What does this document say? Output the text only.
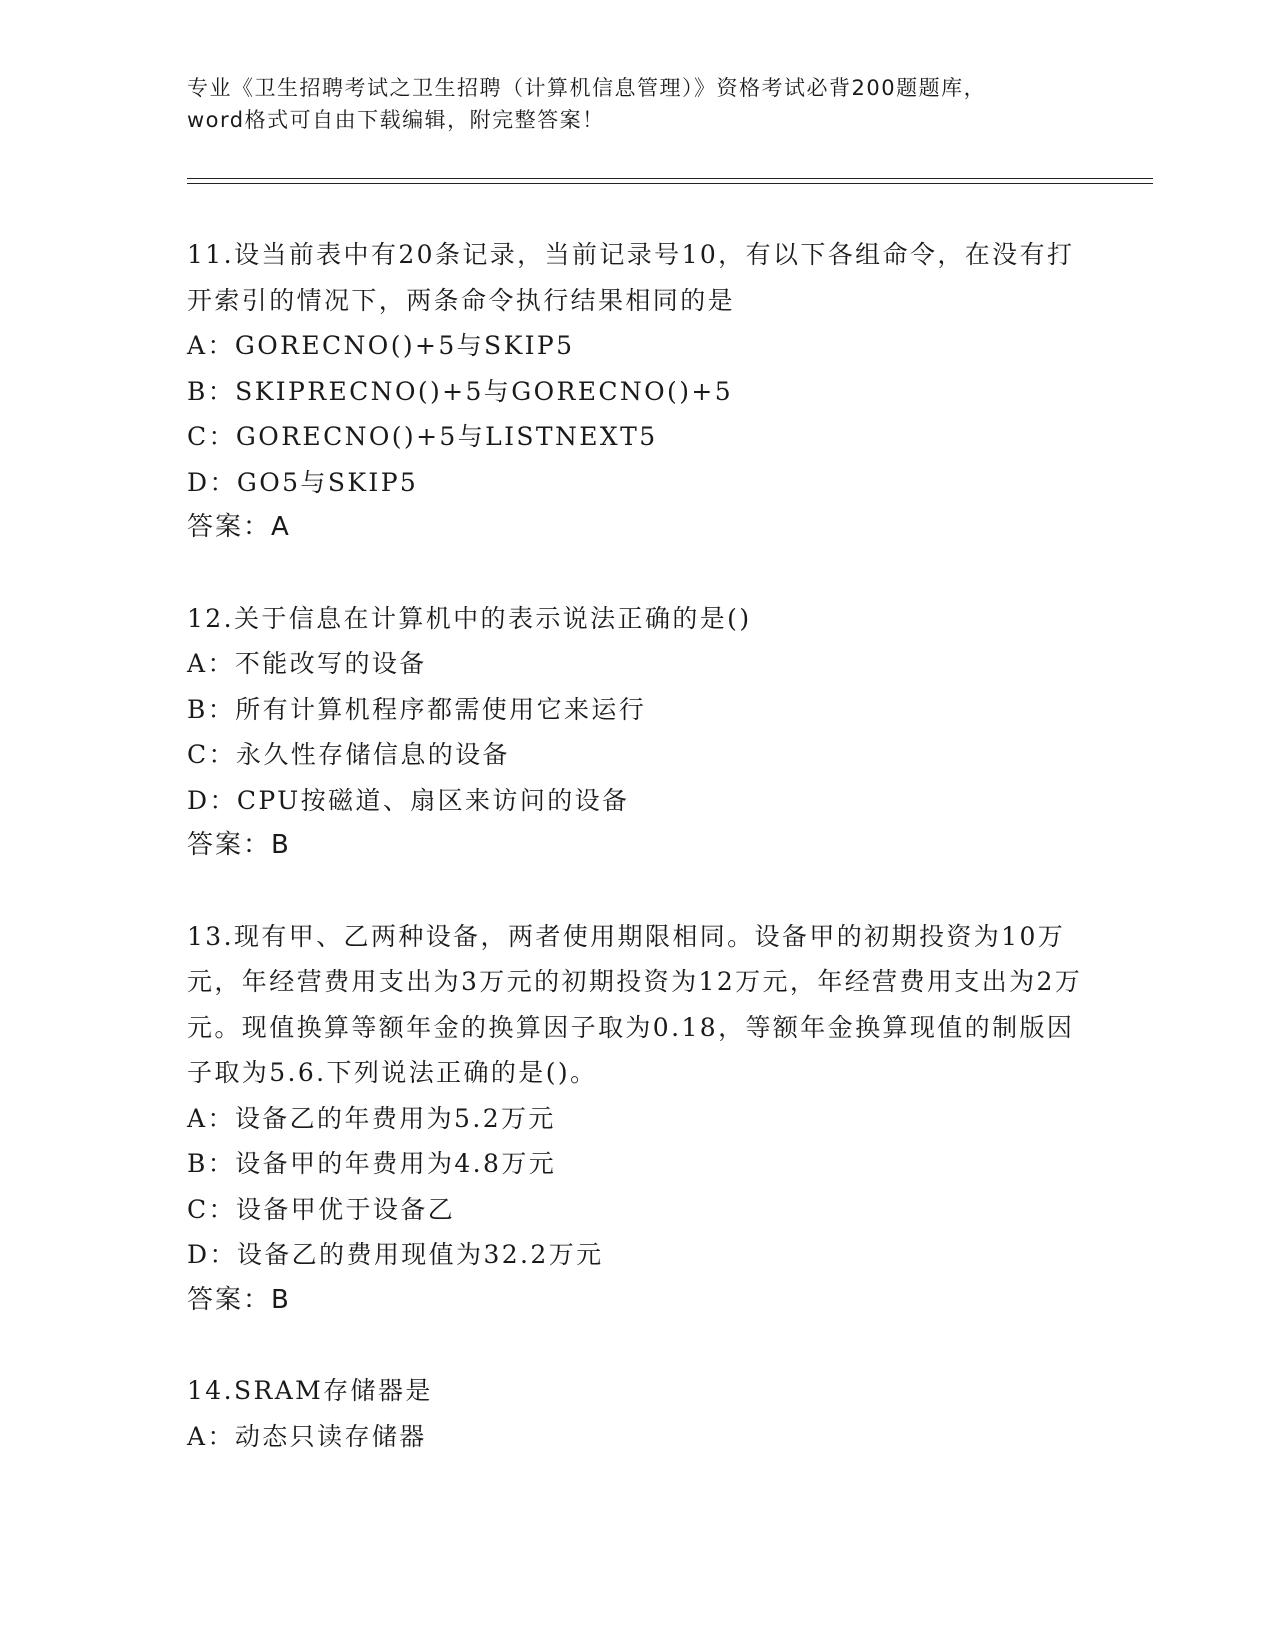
专业《卫生招聘考试之卫生招聘（计算机信息管理）》资格考试必背200题题库，
word格式可自由下载编辑，附完整答案！

11.设当前表中有20条记录，当前记录号10，有以下各组命令，在没有打开索引的情况下，两条命令执行结果相同的是

A：GORECNO()+5与SKIP5

B：SKIPRECNO()+5与GORECNO()+5

C：GORECNO()+5与LISTNEXT5

D：GO5与SKIP5

答案：A

12.关于信息在计算机中的表示说法正确的是()

A：不能改写的设备

B：所有计算机程序都需使用它来运行

C：永久性存储信息的设备

D：CPU按磁道、扇区来访问的设备

答案：B

13.现有甲、乙两种设备，两者使用期限相同。设备甲的初期投资为10万元，年经营费用支出为3万元的初期投资为12万元，年经营费用支出为2万元。现值换算等额年金的换算因子取为0.18，等额年金换算现值的制版因子取为5.6.下列说法正确的是()。

A：设备乙的年费用为5.2万元

B：设备甲的年费用为4.8万元

C：设备甲优于设备乙

D：设备乙的费用现值为32.2万元

答案：B

14.SRAM存储器是

A：动态只读存储器
